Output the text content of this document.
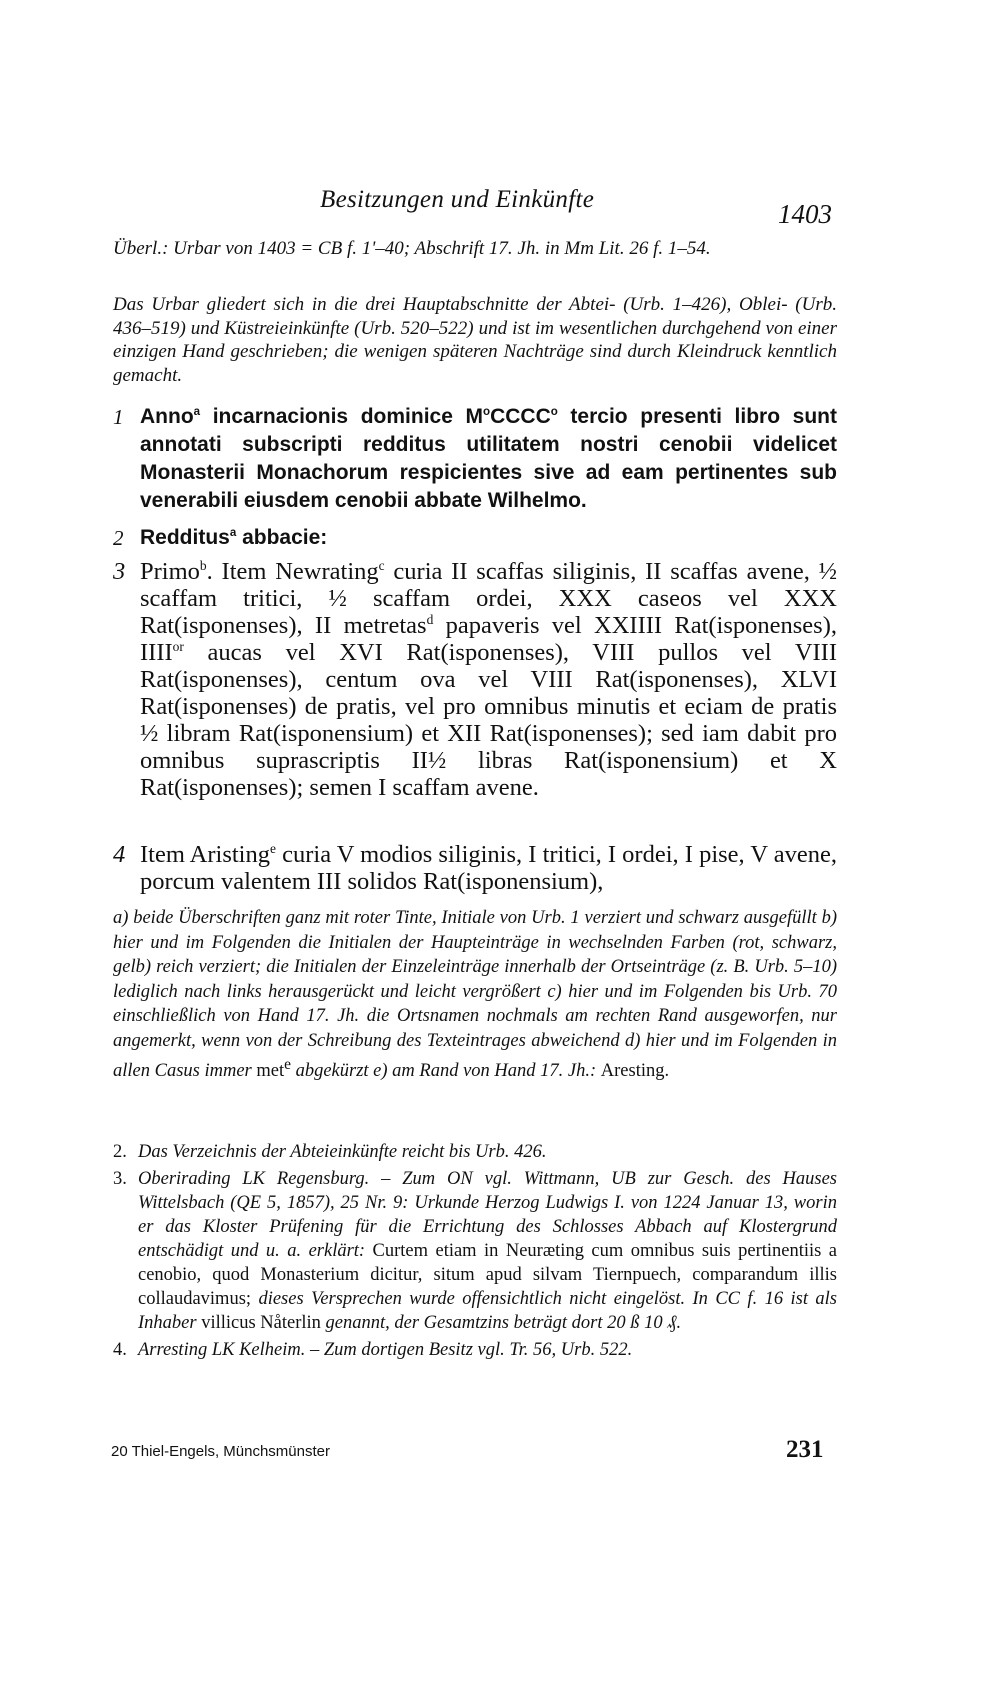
Besitzungen und Einkünfte	1403

Überl.: Urbar von 1403 = CB f. 1'–40; Abschrift 17. Jh. in Mm Lit. 26 f. 1–54.

Das Urbar gliedert sich in die drei Hauptabschnitte der Abtei- (Urb. 1–426), Oblei- (Urb. 436–519) und Küstreieinkünfte (Urb. 520–522) und ist im wesentlichen durchgehend von einer einzigen Hand geschrieben; die wenigen späteren Nachträge sind durch Kleindruck kenntlich gemacht.

1 Anno$^a$ incarnacionis dominice $M^oCCCC^o$ tercio presenti libro sunt annotati subscripti redditus utilitatem nostri cenobii videlicet Monasterii Monachorum respicientes sive ad eam pertinentes sub venerabili eiusdem cenobii abbate Wilhelmo.
2 Redditus$^a$ abbacie:
3 Primo$^b$. Item Newrating$^c$ curia II scaffas siliginis, II scaffas avene, ½ scaffam tritici, ½ scaffam ordei, XXX caseos vel XXX Rat(isponenses), II metretas$^d$ papaveris vel XXIIII Rat(isponenses), $IIII^{or}$ aucas vel XVI Rat(isponenses), VIII pullos vel VIII Rat(isponenses), centum ova vel VIII Rat(isponenses), XLVI Rat(isponenses) de pratis, vel pro omnibus minutis et eciam de pratis ½ libram Rat(isponensium) et XII Rat(isponenses); sed iam dabit pro omnibus suprascriptis II½ libras Rat(isponensium) et X Rat(isponenses); semen I scaffam avene.
4 Item Aristing$^e$ curia V modios siliginis, I tritici, I ordei, I pise, V avene, porcum valentem III solidos Rat(isponensium),
a) beide Überschriften ganz mit roter Tinte, Initiale von Urb. 1 verziert und schwarz ausgefüllt b) hier und im Folgenden die Initialen der Haupteinträge in wechselnden Farben (rot, schwarz, gelb) reich verziert; die Initialen der Einzeleinträge innerhalb der Ortseinträge (z. B. Urb. 5–10) lediglich nach links herausgerückt und leicht vergrößert c) hier und im Folgenden bis Urb. 70 einschließlich von Hand 17. Jh. die Ortsnamen nochmals am rechten Rand ausgeworfen, nur angemerkt, wenn von der Schreibung des Texteintrages abweichend d) hier und im Folgenden in allen Casus immer met$^e$ abgekürzt e) am Rand von Hand 17. Jh.: Aresting.
2. Das Verzeichnis der Abteieinkünfte reicht bis Urb. 426.
3. Oberirading LK Regensburg. – Zum ON vgl. Wittmann, UB zur Gesch. des Hauses Wittelsbach (QE 5, 1857), 25 Nr. 9: Urkunde Herzog Ludwigs I. von 1224 Januar 13, worin er das Kloster Prüfening für die Errichtung des Schlosses Abbach auf Klostergrund entschädigt und u. a. erklärt: Curtem etiam in Neuræting cum omnibus suis pertinentiis a cenobio, quod Monasterium dicitur, situm apud silvam Tiernpuech, comparandum illis collaudavimus; dieses Versprechen wurde offensichtlich nicht eingelöst. In CC f. 16 ist als Inhaber villicus Nåterlin genannt, der Gesamtzins beträgt dort 20 ß 10 ₰.
4. Arresting LK Kelheim. – Zum dortigen Besitz vgl. Tr. 56, Urb. 522.
20 Thiel-Engels, Münchsmünster	231
